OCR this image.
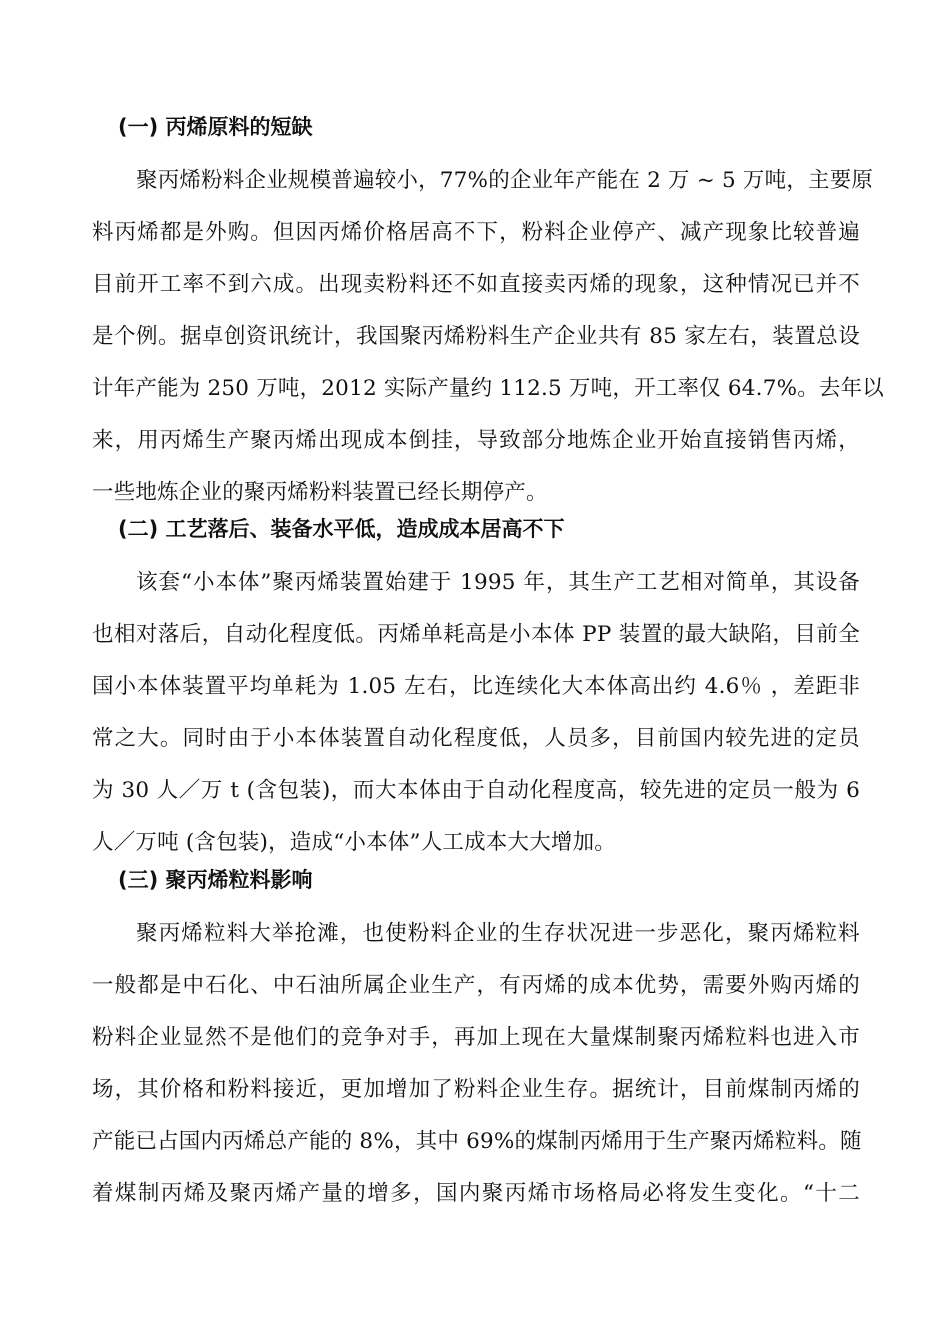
(一) 丙烯原料的短缺
聚丙烯粉料企业规模普遍较小，77%的企业年产能在 2 万 ~ 5 万吨，主要原
料丙烯都是外购。但因丙烯价格居高不下，粉料企业停产、减产现象比较普遍
目前开工率不到六成。出现卖粉料还不如直接卖丙烯的现象，这种情况已并不
是个例。据卓创资讯统计，我国聚丙烯粉料生产企业共有 85 家左右，装置总设
计年产能为 250 万吨，2012 实际产量约 112.5 万吨，开工率仅 64.7%。去年以
来，用丙烯生产聚丙烯出现成本倒挂，导致部分地炼企业开始直接销售丙烯，
一些地炼企业的聚丙烯粉料装置已经长期停产。
(二) 工艺落后、装备水平低，造成成本居高不下
该套“小本体”聚丙烯装置始建于 1995 年，其生产工艺相对简单，其设备
也相对落后，自动化程度低。丙烯单耗高是小本体 PP 装置的最大缺陷，目前全
国小本体装置平均单耗为 1.05 左右，比连续化大本体高出约 4.6％ ，差距非
常之大。同时由于小本体装置自动化程度低，人员多，目前国内较先进的定员
为 30 人／万 t (含包装)，而大本体由于自动化程度高，较先进的定员一般为 6
人／万吨 (含包装)，造成“小本体”人工成本大大增加。
(三) 聚丙烯粒料影响
聚丙烯粒料大举抢滩，也使粉料企业的生存状况进一步恶化，聚丙烯粒料
一般都是中石化、中石油所属企业生产，有丙烯的成本优势，需要外购丙烯的
粉料企业显然不是他们的竞争对手，再加上现在大量煤制聚丙烯粒料也进入市
场，其价格和粉料接近，更加增加了粉料企业生存。据统计，目前煤制丙烯的
产能已占国内丙烯总产能的 8%，其中 69%的煤制丙烯用于生产聚丙烯粒料。随
着煤制丙烯及聚丙烯产量的增多，国内聚丙烯市场格局必将发生变化。“十二
